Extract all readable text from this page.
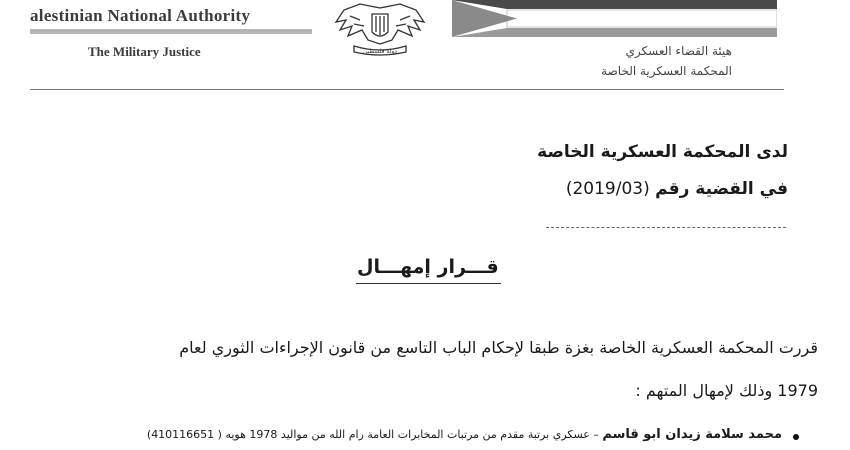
alestinian National Authority
The Military Justice	دولة فلسطين	هيئة القضاء العسكري
المحكمة العسكرية الخاصة
لدى المحكمة العسكرية الخاصة
في القضية رقم (2019/03)
قـــرار إمهـــال
قررت المحكمة العسكرية الخاصة بغزة طبقا لإحكام الباب التاسع من قانون الإجراءات الثوري لعام
1979 وذلك لإمهال المتهم :
محمد سلامة زيدان ابو قاسم – عسكري برتبة مقدم من مرتبات المخابرات العامة رام الله من مواليد 1978 هويه ( 410116651)
